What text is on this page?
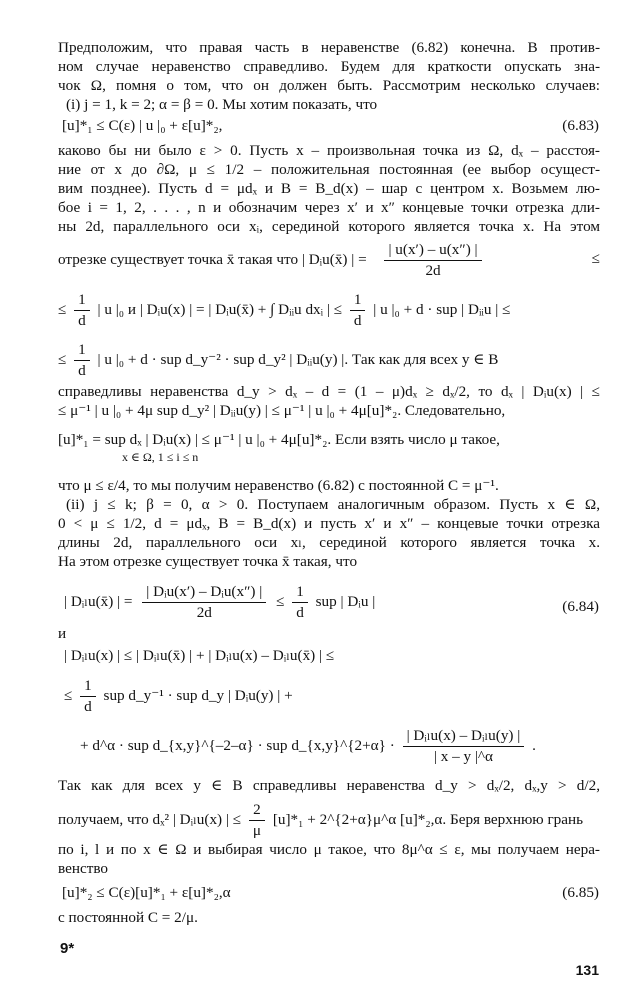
Предположим, что правая часть в неравенстве (6.82) конечна. В против-
ном случае неравенство справедливо. Будем для краткости опускать зна-
чок Ω, помня о том, что он должен быть. Рассмотрим несколько случаев:
(i) j = 1, k = 2; α = β = 0. Мы хотим показать, что
[u]*₁ ≤ C(ε) | u |₀ + ε[u]*₂,	(6.83)
каково бы ни было ε > 0. Пусть x – произвольная точка из Ω, dₓ – расстоя-
ние от x до ∂Ω, μ ≤ 1/2 – положительная постоянная (ее выбор осущест-
вим позднее). Пусть d = μdₓ и B = B_d(x) – шар с центром x. Возьмем лю-
бое i = 1, 2, . . . , n и обозначим через x′ и x″ концевые точки отрезка дли-
ны 2d, параллельного оси xᵢ, серединой которого является точка x. На этом
отрезке существует точка x̄ такая что | Dᵢu(x̄) | = $\frac{| u(x') - u(x'') |}{2d}$	≤
≤ $\frac{1}{d}$ | u |₀ и | Dᵢu(x) | = | Dᵢu(x̄) + ∫ Dᵢᵢu dxᵢ | ≤ $\frac{1}{d}$ | u |₀ + d · sup | Dᵢᵢu | ≤
≤ $\frac{1}{d}$ | u |₀ + d · sup d_y⁻² · sup d_y² | Dᵢᵢu(y) |. Так как для всех y ∈ B
справедливы неравенства d_y > dₓ – d = (1 – μ)dₓ ≥ dₓ/2, то dₓ | Dᵢu(x) | ≤
≤ μ⁻¹ | u |₀ + 4μ sup d_y² | Dᵢᵢu(y) | ≤ μ⁻¹ | u |₀ + 4μ[u]*₂. Следовательно,
[u]*₁ = sup dₓ | Dᵢu(x) | ≤ μ⁻¹ | u |₀ + 4μ[u]*₂. Если взять число μ такое,
x ∈ Ω, 1 ≤ i ≤ n
что μ ≤ ε/4, то мы получим неравенство (6.82) с постоянной C = μ⁻¹.
(ii) j ≤ k; β = 0, α > 0. Поступаем аналогичным образом. Пусть x ∈ Ω,
0 < μ ≤ 1/2, d = μdₓ, B = B_d(x) и пусть x′ и x″ – концевые точки отрезка
длины 2d, параллельного оси xₗ, серединой которого является точка x.
На этом отрезке существует точка x̄ такая, что
| Dᵢₗu(x̄) | = $\frac{\text{| Dᵢu(x′) – Dᵢu(x″) |}}{2d} \le \frac{1}{d}$ sup | Dᵢu |	(6.84)
и
| Dᵢₗu(x) | ≤ | Dᵢₗu(x̄) | + | Dᵢₗu(x) – Dᵢₗu(x̄) | ≤
≤ $\frac{1}{d}$ sup d_y⁻¹ · sup d_y | Dᵢu(y) | +
+ d^α · sup d_{x,y}^{–2–α} · sup d_{x,y}^{2+α} · $\frac{\text{| Dᵢₗu(x) – Dᵢₗu(y) |}}{| x - y |\^{}\alpha}$ .
Так как для всех y ∈ B справедливы неравенства d_y > dₓ/2, dₓ,y > d/2,
получаем, что dₓ² | Dᵢₗu(x) | ≤ $\frac{2}{\mu} [u]*_1$ + 2^{2+α}μ^α [u]*₂,α. Беря верхнюю грань
по i, l и по x ∈ Ω и выбирая число μ такое, что 8μ^α ≤ ε, мы получаем нера-
венство
[u]*₂ ≤ C(ε)[u]*₁ + ε[u]*₂,α	(6.85)
с постоянной C = 2/μ.
9*
131
